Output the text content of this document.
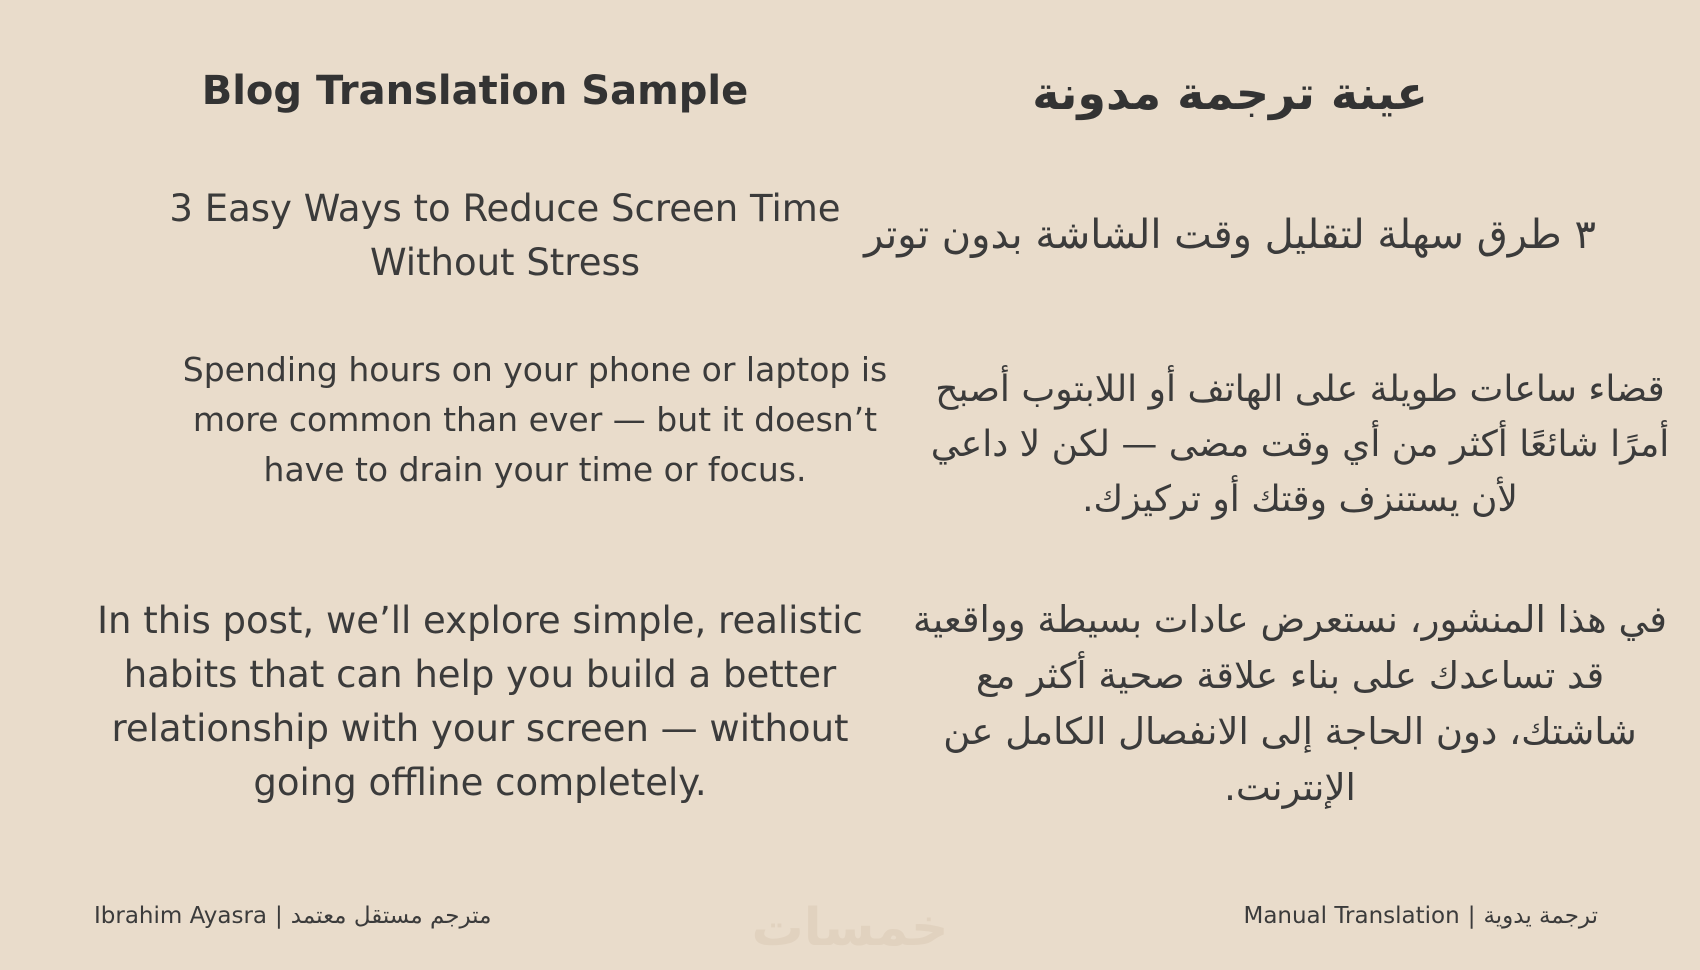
Blog Translation Sample	عينة ترجمة مدونة
3 Easy Ways to Reduce Screen Time Without Stress

Spending hours on your phone or laptop is more common than ever — but it doesn’t have to drain your time or focus.

In this post, we’ll explore simple, realistic habits that can help you build a better relationship with your screen — without going offline completely.

٣ طرق سهلة لتقليل وقت الشاشة بدون توتر

قضاء ساعات طويلة على الهاتف أو اللابتوب أصبح أمرًا شائعًا أكثر من أي وقت مضى — لكن لا داعي لأن يستنزف وقتك أو تركيزك.

في هذا المنشور، نستعرض عادات بسيطة وواقعية قد تساعدك على بناء علاقة صحية أكثر مع شاشتك، دون الحاجة إلى الانفصال الكامل عن الإنترنت.

خمسات
Ibrahim Ayasra | مترجم مستقل معتمد	Manual Translation | ترجمة يدوية
